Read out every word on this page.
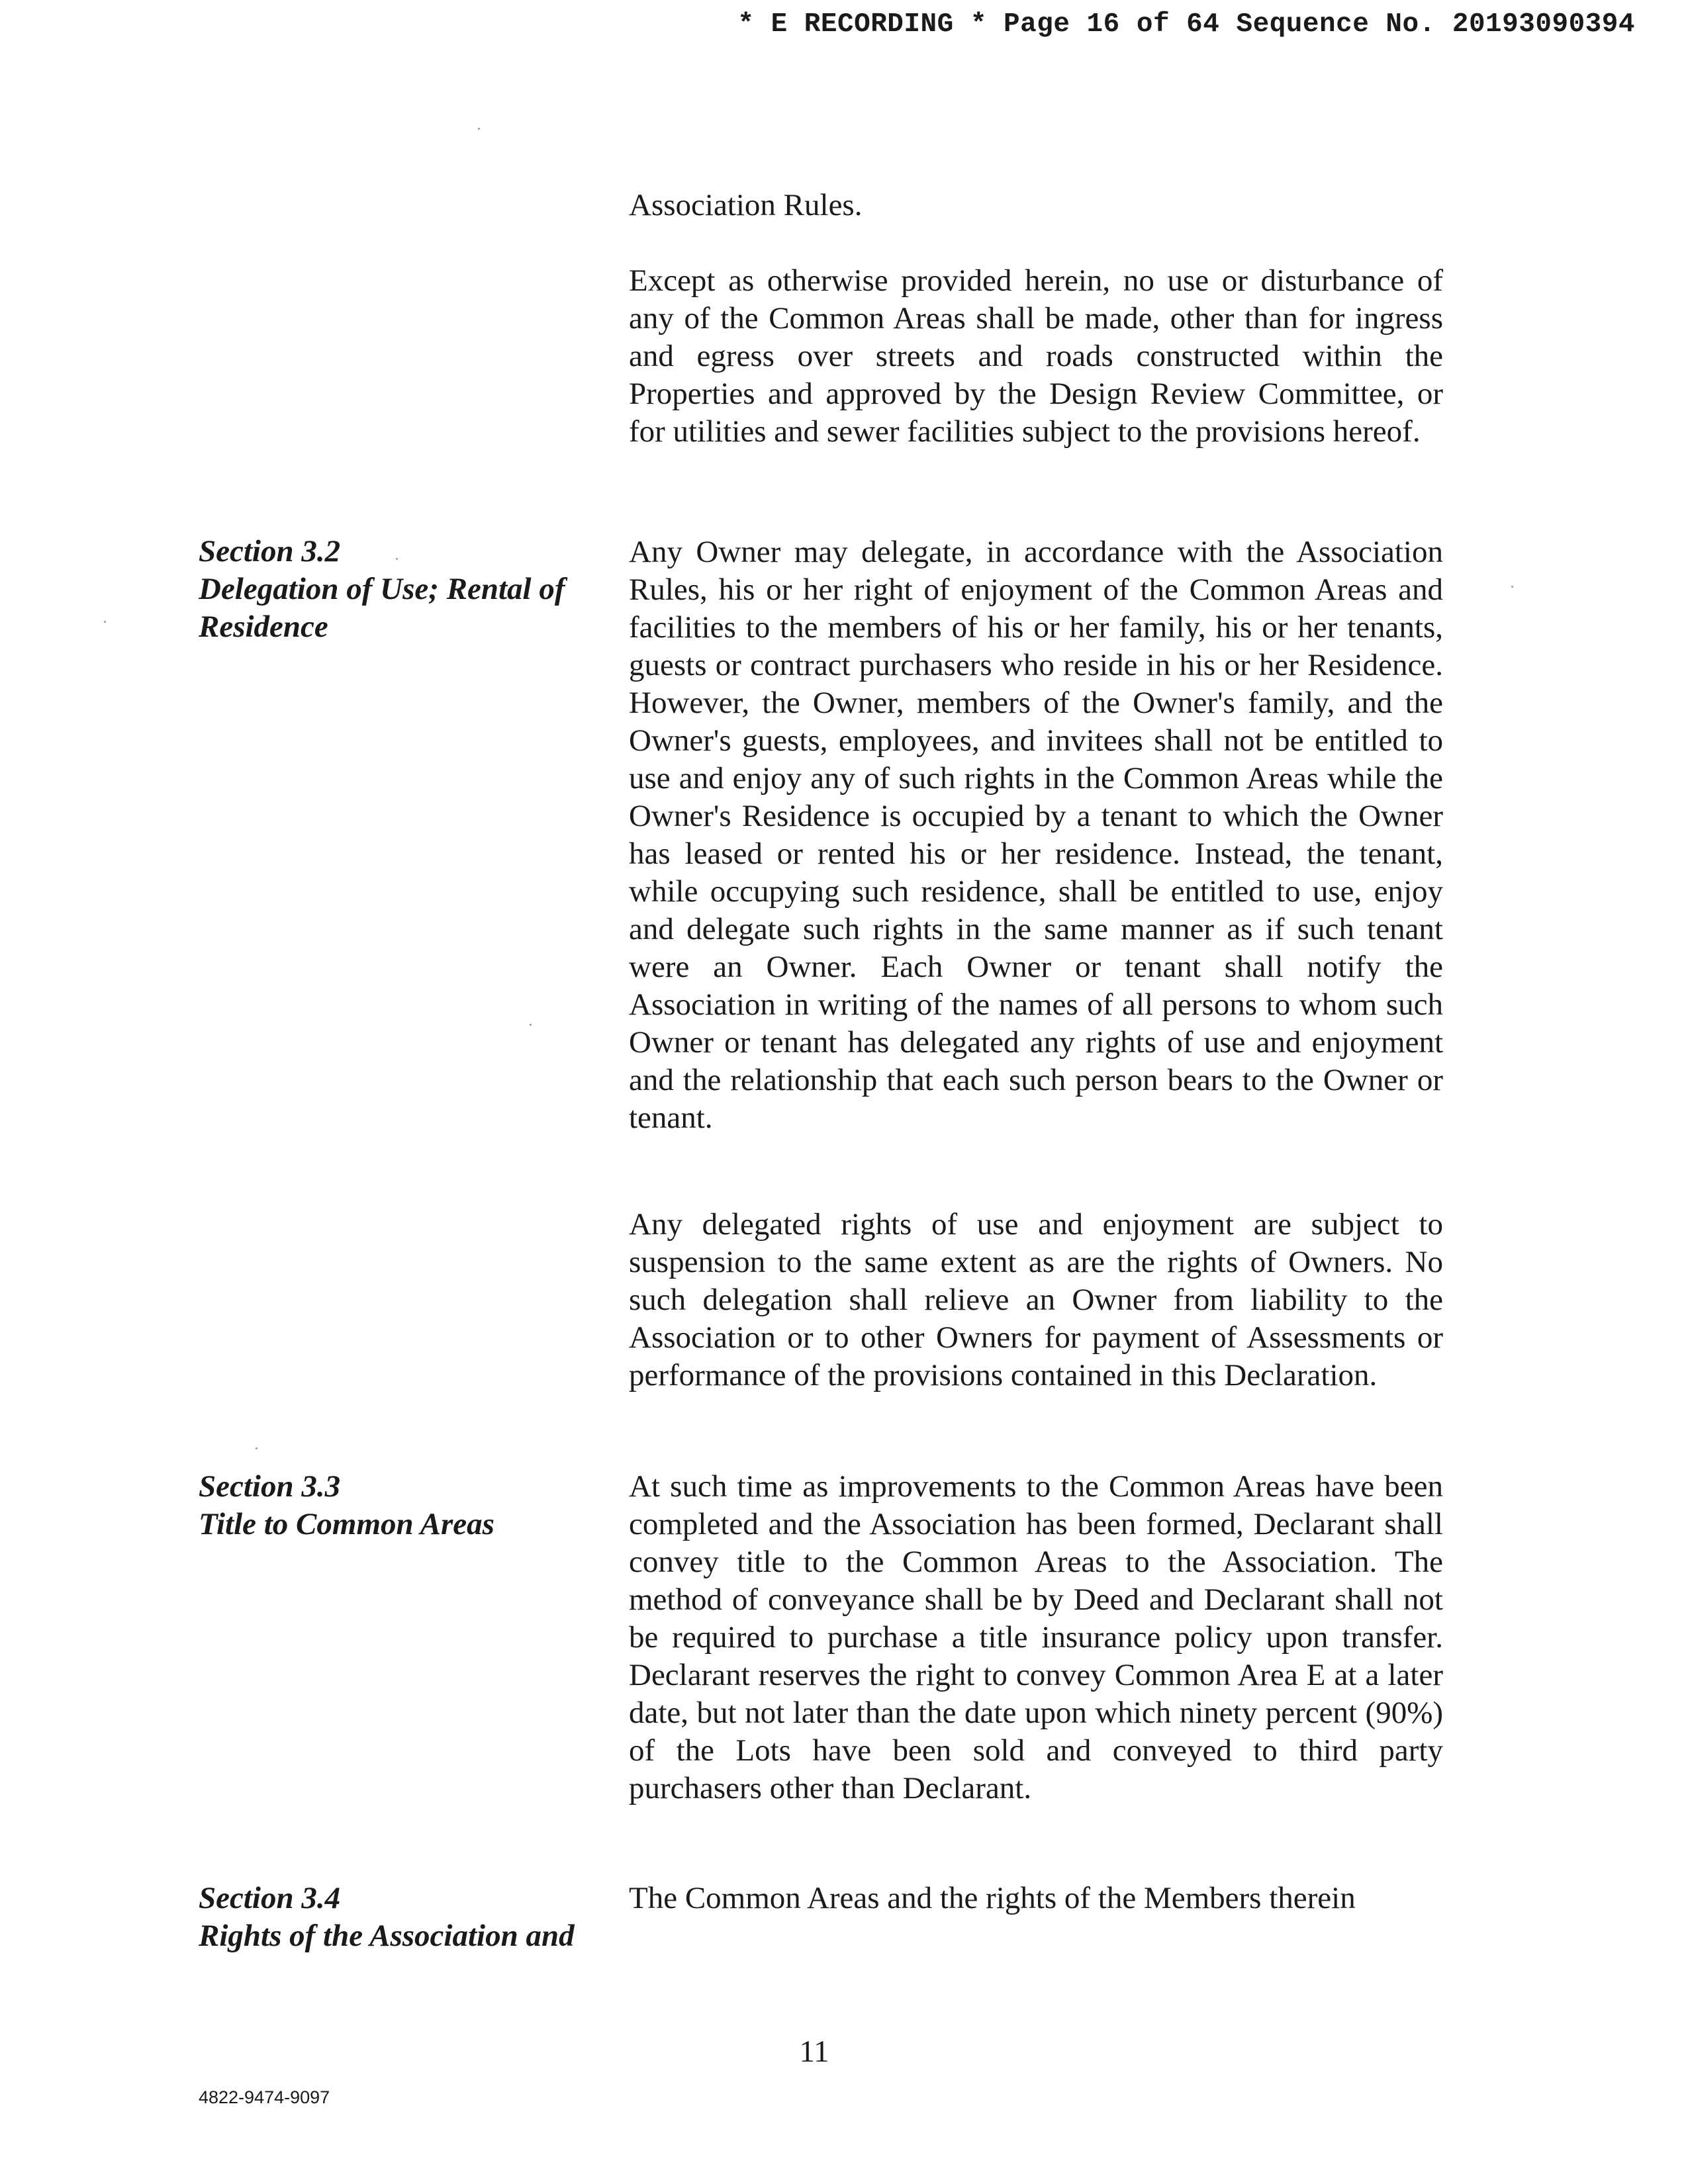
* E RECORDING * Page 16 of 64 Sequence No. 20193090394

Association Rules.

Except as otherwise provided herein, no use or disturbance of any of the Common Areas shall be made, other than for ingress and egress over streets and roads constructed within the Properties and approved by the Design Review Committee, or for utilities and sewer facilities subject to the provisions hereof.

Section 3.2
Delegation of Use; Rental of
Residence

Any Owner may delegate, in accordance with the Association Rules, his or her right of enjoyment of the Common Areas and facilities to the members of his or her family, his or her tenants, guests or contract purchasers who reside in his or her Residence. However, the Owner, members of the Owner's family, and the Owner's guests, employees, and invitees shall not be entitled to use and enjoy any of such rights in the Common Areas while the Owner's Residence is occupied by a tenant to which the Owner has leased or rented his or her residence. Instead, the tenant, while occupying such residence, shall be entitled to use, enjoy and delegate such rights in the same manner as if such tenant were an Owner. Each Owner or tenant shall notify the Association in writing of the names of all persons to whom such Owner or tenant has delegated any rights of use and enjoyment and the relationship that each such person bears to the Owner or tenant.

Any delegated rights of use and enjoyment are subject to suspension to the same extent as are the rights of Owners. No such delegation shall relieve an Owner from liability to the Association or to other Owners for payment of Assessments or performance of the provisions contained in this Declaration.

Section 3.3
Title to Common Areas

At such time as improvements to the Common Areas have been completed and the Association has been formed, Declarant shall convey title to the Common Areas to the Association. The method of conveyance shall be by Deed and Declarant shall not be required to purchase a title insurance policy upon transfer. Declarant reserves the right to convey Common Area E at a later date, but not later than the date upon which ninety percent (90%) of the Lots have been sold and conveyed to third party purchasers other than Declarant.

Section 3.4
Rights of the Association and

The Common Areas and the rights of the Members therein

11
4822-9474-9097
